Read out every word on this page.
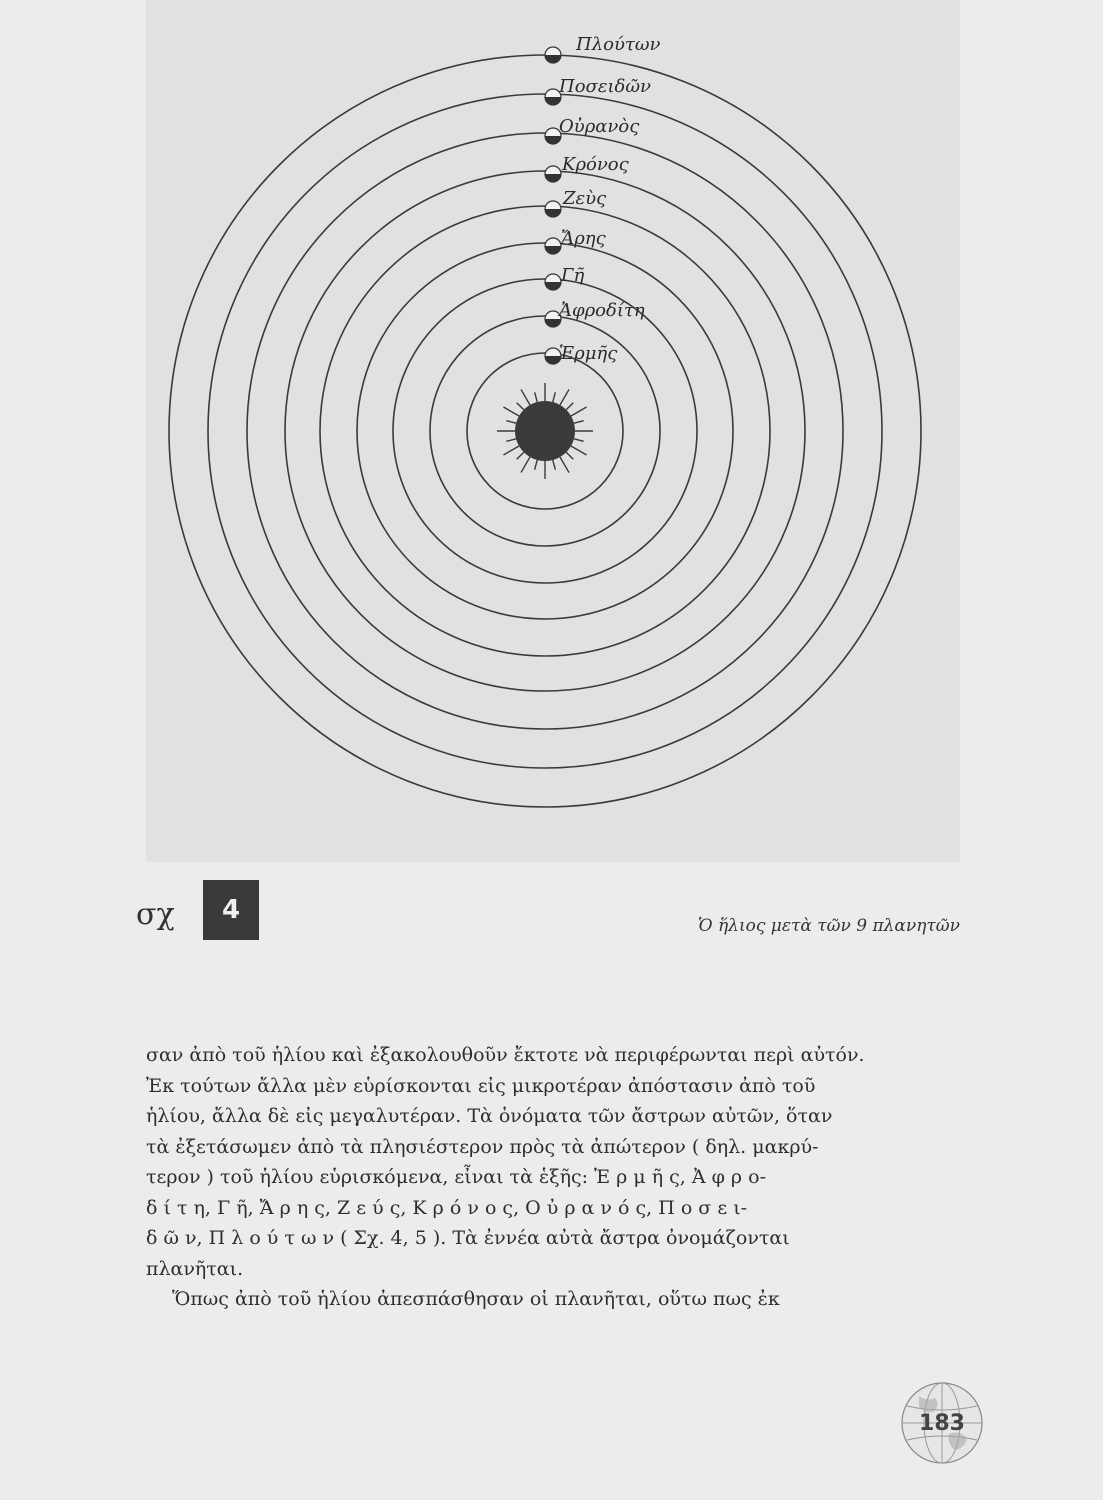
Πλούτων
Ποσειδῶν
Οὐρανὸς
Κρόνος
Ζεὺς
Ἄρης
Γῆ
Ἀφροδίτη
Ἑρμῆς
σχ	4
Ὁ ἥλιος μετὰ τῶν 9 πλανητῶν
σαν ἀπὸ τοῦ ἡλίου καὶ ἐξακολουθοῦν ἔκτοτε νὰ περιφέρωνται περὶ αὐτόν.
Ἐκ τούτων ἄλλα μὲν εὑρίσκονται εἰς μικροτέραν ἀπόστασιν ἀπὸ τοῦ
ἡλίου, ἄλλα δὲ εἰς μεγαλυτέραν. Τὰ ὀνόματα τῶν ἄστρων αὐτῶν, ὅταν
τὰ ἐξετάσωμεν ἀπὸ τὰ πλησιέστερον πρὸς τὰ ἀπώτερον ( δηλ. μακρύ-
τερον ) τοῦ ἡλίου εὑρισκόμενα, εἶναι τὰ ἑξῆς: Ἑ ρ μ ῆ ς, Ἀ φ ρ ο-
δ ί τ η, Γ ῆ, Ἄ ρ η ς, Ζ ε ύ ς, Κ ρ ό ν ο ς, Ο ὐ ρ α ν ό ς, Π ο σ ε ι-
δ ῶ ν, Π λ ο ύ τ ω ν ( Σχ. 4, 5 ). Τὰ ἐννέα αὐτὰ ἄστρα ὀνομάζονται
πλανῆται.
Ὅπως ἀπὸ τοῦ ἡλίου ἀπεσπάσθησαν οἱ πλανῆται, οὕτω πως ἐκ
183
